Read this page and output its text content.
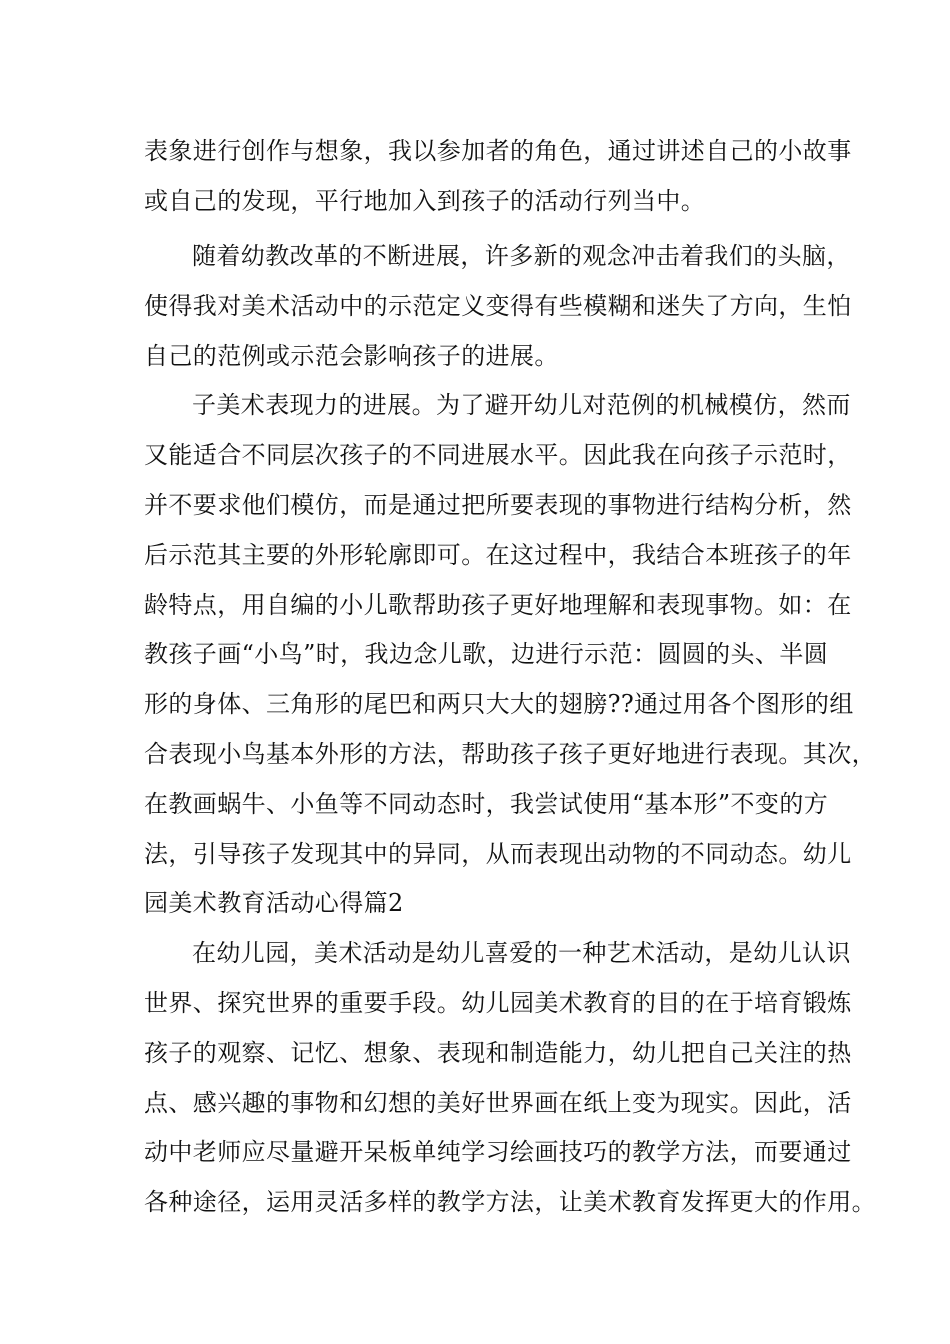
表象进行创作与想象，我以参加者的角色，通过讲述自己的小故事
或自己的发现，平行地加入到孩子的活动行列当中。
随着幼教改革的不断进展，许多新的观念冲击着我们的头脑，
使得我对美术活动中的示范定义变得有些模糊和迷失了方向，生怕
自己的范例或示范会影响孩子的进展。
子美术表现力的进展。为了避开幼儿对范例的机械模仿，然而
又能适合不同层次孩子的不同进展水平。因此我在向孩子示范时，
并不要求他们模仿，而是通过把所要表现的事物进行结构分析，然
后示范其主要的外形轮廓即可。在这过程中，我结合本班孩子的年
龄特点，用自编的小儿歌帮助孩子更好地理解和表现事物。如：在
教孩子画“小鸟”时，我边念儿歌，边进行示范：圆圆的头、半圆
形的身体、三角形的尾巴和两只大大的翅膀??通过用各个图形的组
合表现小鸟基本外形的方法，帮助孩子孩子更好地进行表现。其次，
在教画蜗牛、小鱼等不同动态时，我尝试使用“基本形”不变的方
法，引导孩子发现其中的异同，从而表现出动物的不同动态。幼儿
园美术教育活动心得篇2
在幼儿园，美术活动是幼儿喜爱的一种艺术活动，是幼儿认识
世界、探究世界的重要手段。幼儿园美术教育的目的在于培育锻炼
孩子的观察、记忆、想象、表现和制造能力，幼儿把自己关注的热
点、感兴趣的事物和幻想的美好世界画在纸上变为现实。因此，活
动中老师应尽量避开呆板单纯学习绘画技巧的教学方法，而要通过
各种途径，运用灵活多样的教学方法，让美术教育发挥更大的作用。
